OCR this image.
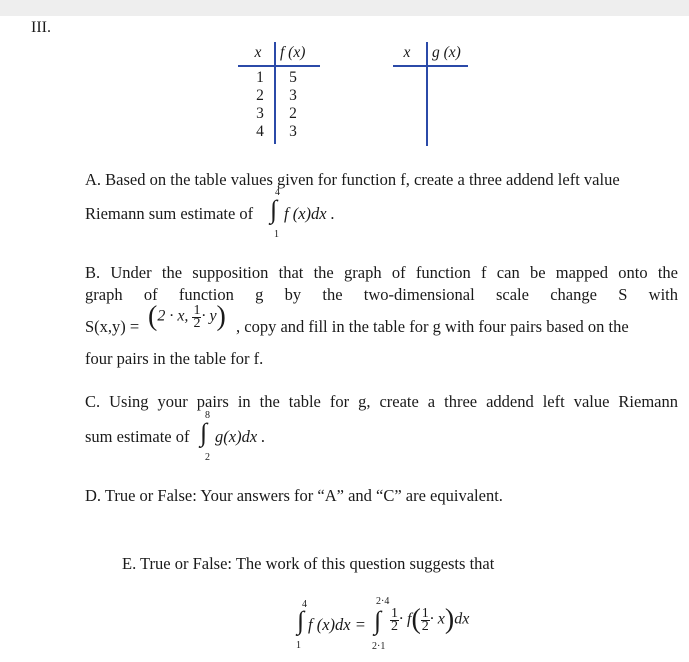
III.
x f (x)
1 5
2 3
3 2
4 3
x g (x)
A. Based on the table values given for function f, create a three addend left value
Riemann sum estimate of
4
∫
1
f (x)dx .
B. Under the supposition that the graph of function f can be mapped onto the
graph of function g by the two-dimensional scale change S with
S(x,y) = (2 · x, $\frac{1}{2} \cdot y$) , copy and fill in the table for g with four pairs based on the
four pairs in the table for f.
C. Using your pairs in the table for g, create a three addend left value Riemann
sum estimate of
8
∫
2
g(x)dx .
D. True or False: Your answers for “A” and “C” are equivalent.
E. True or False: The work of this question suggests that
4
∫
1
f (x)dx =
2·4
∫
2·1
$\frac{1}{2} \cdot f( \frac{1}{2} \cdot x)dx$
